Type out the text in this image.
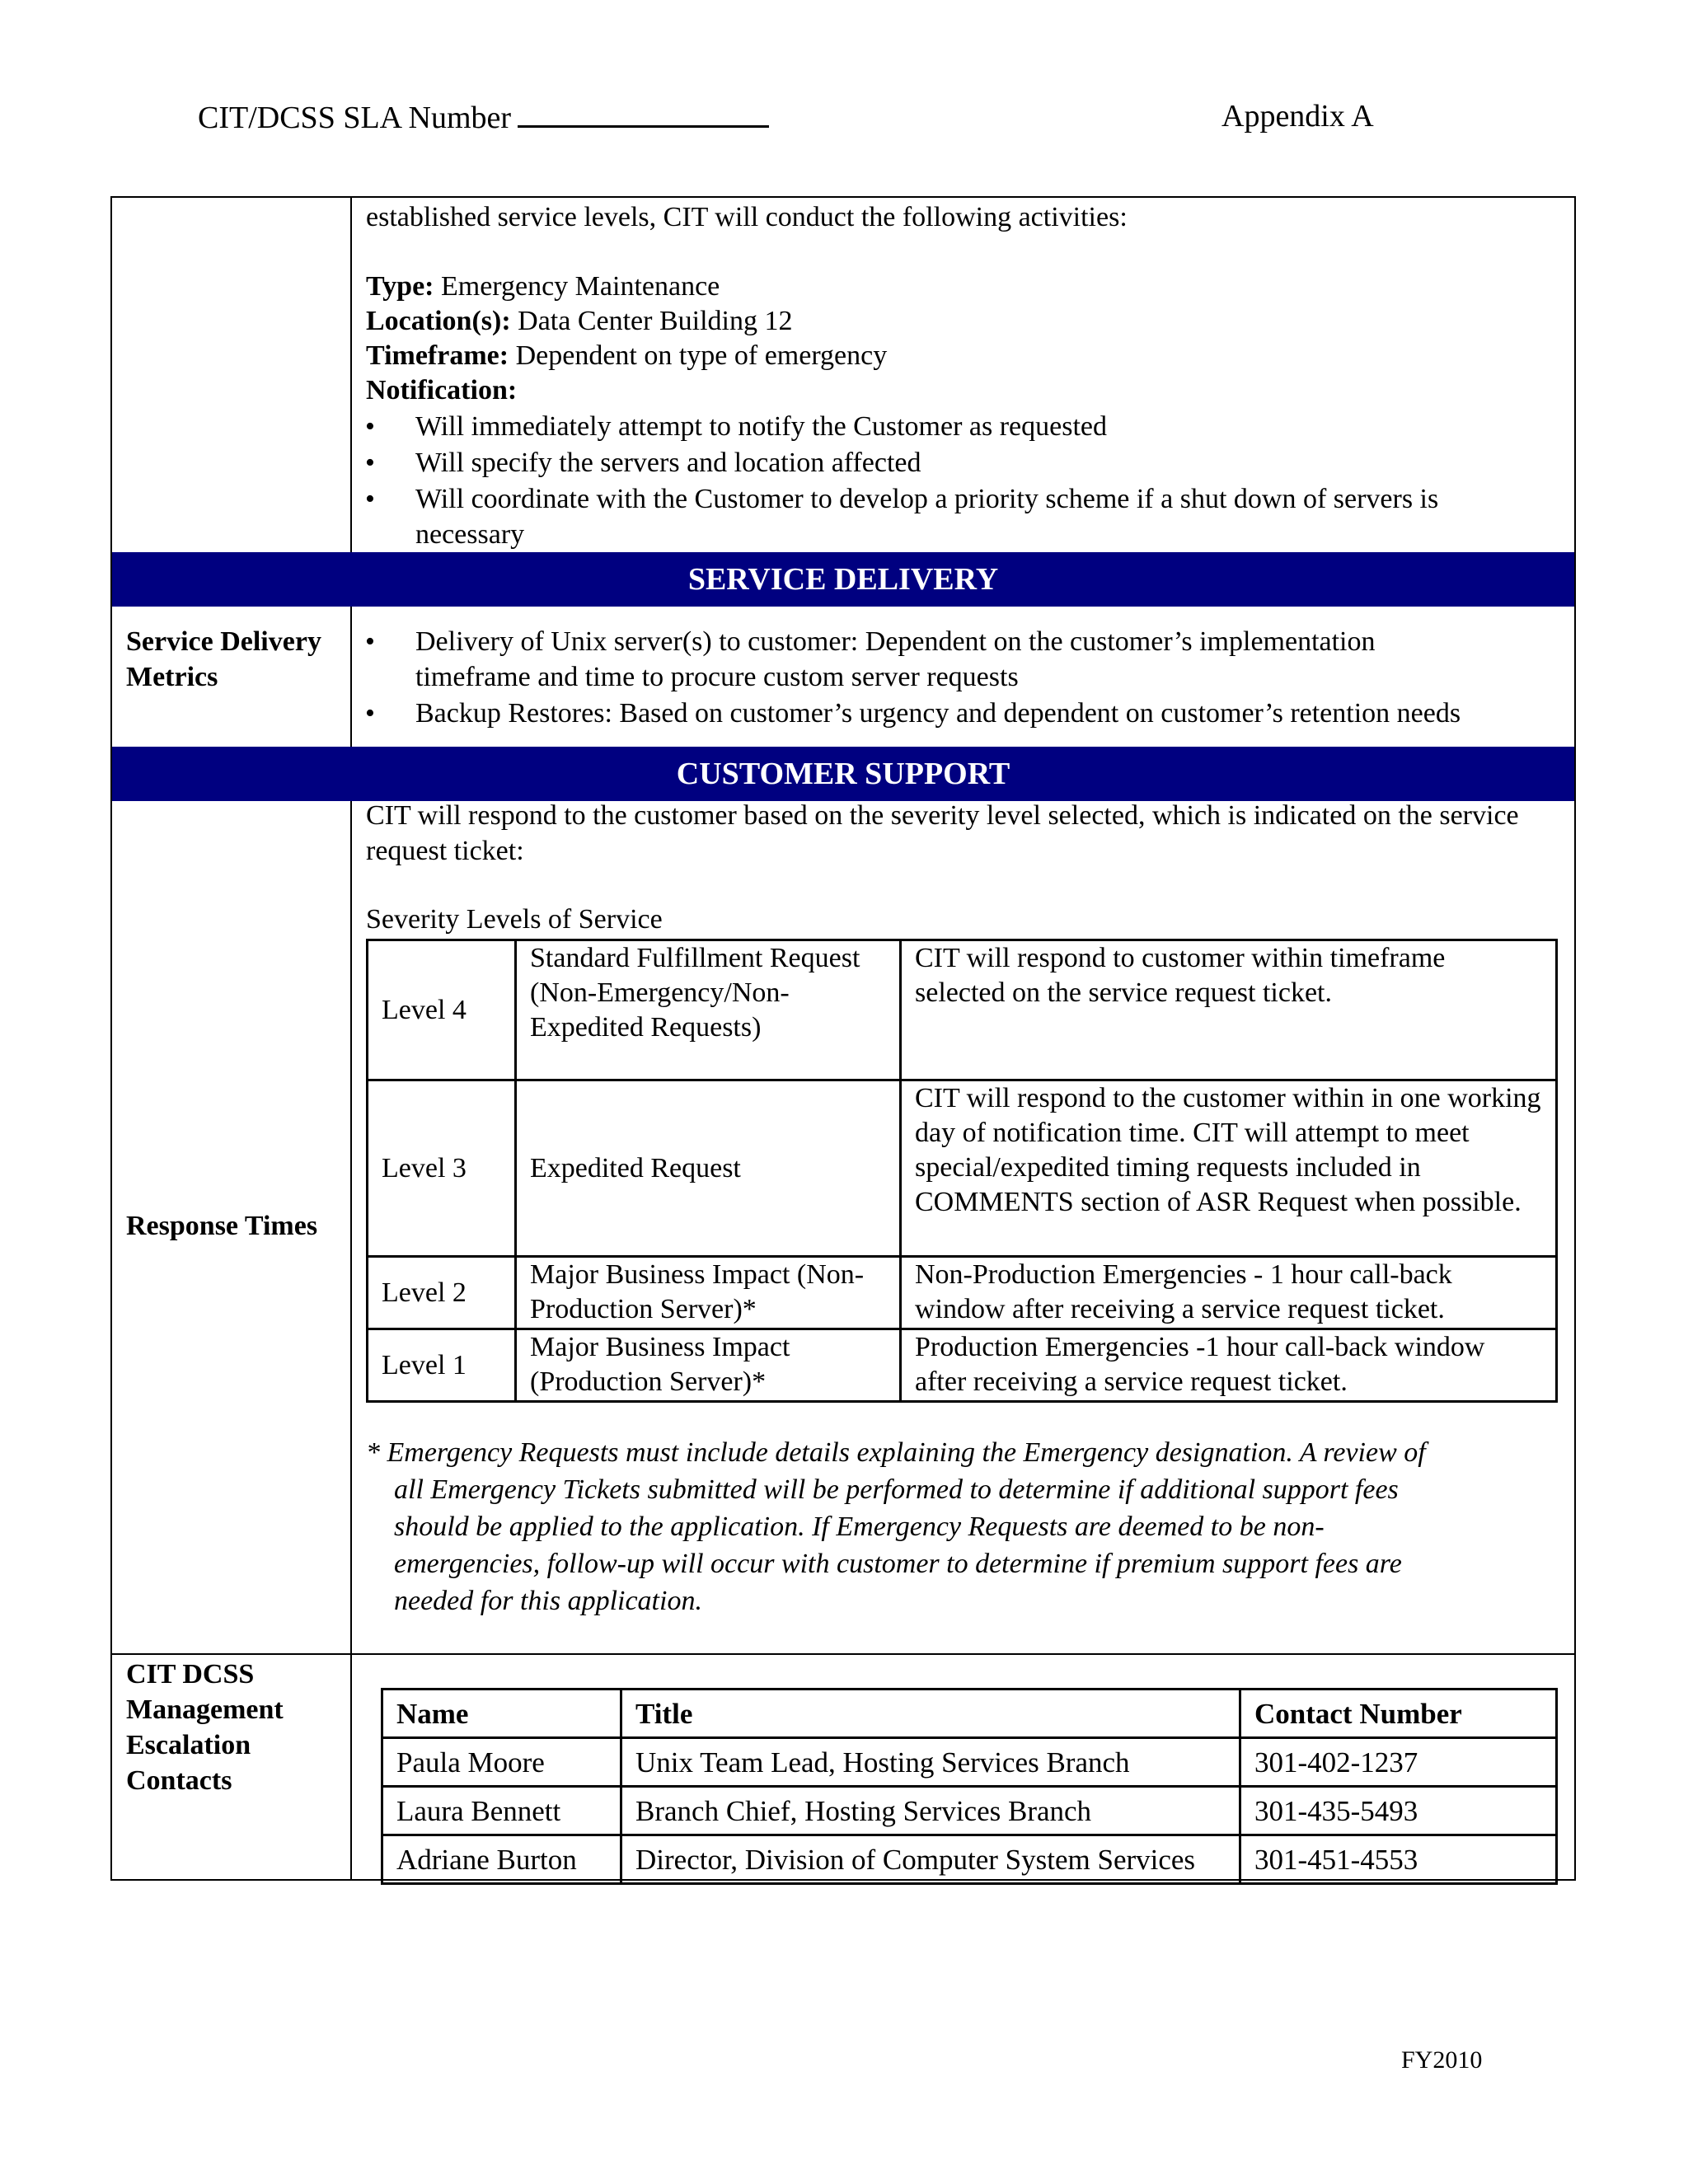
CIT/DCSS SLA Number	Appendix A
established service levels, CIT will conduct the following activities:
Type: Emergency Maintenance
Location(s): Data Center Building 12
Timeframe: Dependent on type of emergency
Notification:
• Will immediately attempt to notify the Customer as requested
• Will specify the servers and location affected
• Will coordinate with the Customer to develop a priority scheme if a shut down of servers is necessary
SERVICE DELIVERY
Service Delivery Metrics
• Delivery of Unix server(s) to customer: Dependent on the customer’s implementation timeframe and time to procure custom server requests
• Backup Restores: Based on customer’s urgency and dependent on customer’s retention needs
CUSTOMER SUPPORT
CIT will respond to the customer based on the severity level selected, which is indicated on the service request ticket:
Severity Levels of Service
Response Times
Level 4	Standard Fulfillment Request (Non-Emergency/Non-Expedited Requests)	CIT will respond to customer within timeframe selected on the service request ticket.
Level 3	Expedited Request	CIT will respond to the customer within in one working day of notification time. CIT will attempt to meet special/expedited timing requests included in COMMENTS section of ASR Request when possible.
Level 2	Major Business Impact (Non-Production Server)*	Non-Production Emergencies - 1 hour call-back window after receiving a service request ticket.
Level 1	Major Business Impact (Production Server)*	Production Emergencies -1 hour call-back window after receiving a service request ticket.
* Emergency Requests must include details explaining the Emergency designation. A review of
all Emergency Tickets submitted will be performed to determine if additional support fees
should be applied to the application. If Emergency Requests are deemed to be non-
emergencies, follow-up will occur with customer to determine if premium support fees are
needed for this application.
CIT DCSS Management Escalation Contacts
Name	Title	Contact Number
Paula Moore	Unix Team Lead, Hosting Services Branch	301-402-1237
Laura Bennett	Branch Chief, Hosting Services Branch	301-435-5493
Adriane Burton	Director, Division of Computer System Services	301-451-4553
FY2010
